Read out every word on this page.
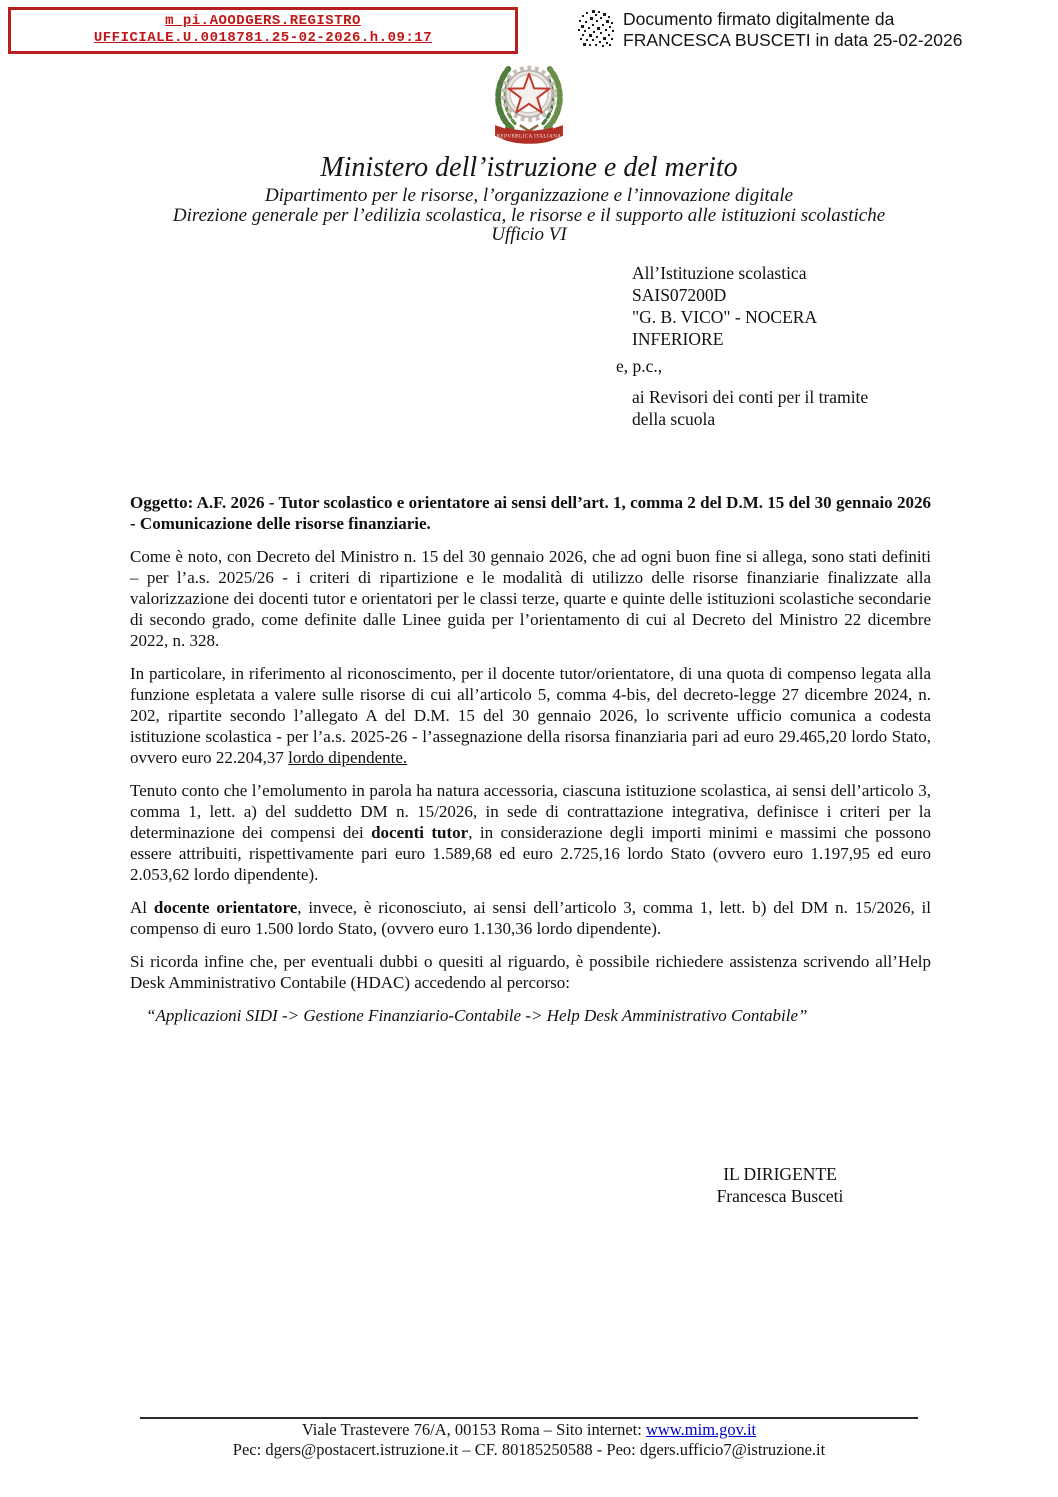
m_pi.AOODGERS.REGISTRO
UFFICIALE.U.0018781.25-02-2026.h.09:17
Documento firmato digitalmente da
FRANCESCA BUSCETI in data 25-02-2026
REPVBBLICA ITALIANA
Ministero dell’istruzione e del merito
Dipartimento per le risorse, l’organizzazione e l’innovazione digitale
Direzione generale per l’edilizia scolastica, le risorse e il supporto alle istituzioni scolastiche
Ufficio VI
All’Istituzione scolastica
SAIS07200D
"G. B. VICO" - NOCERA
INFERIORE
e, p.c.,
ai Revisori dei conti per il tramite
della scuola

Oggetto: A.F. 2026 - Tutor scolastico e orientatore ai sensi dell’art. 1, comma 2 del D.M. 15 del 30 gennaio 2026 - Comunicazione delle risorse finanziarie.

Come è noto, con Decreto del Ministro n. 15 del 30 gennaio 2026, che ad ogni buon fine si allega, sono stati definiti – per l’a.s. 2025/26 - i criteri di ripartizione e le modalità di utilizzo delle risorse finanziarie finalizzate alla valorizzazione dei docenti tutor e orientatori per le classi terze, quarte e quinte delle istituzioni scolastiche secondarie di secondo grado, come definite dalle Linee guida per l’orientamento di cui al Decreto del Ministro 22 dicembre 2022, n. 328.

In particolare, in riferimento al riconoscimento, per il docente tutor/orientatore, di una quota di compenso legata alla funzione espletata a valere sulle risorse di cui all’articolo 5, comma 4-bis, del decreto-legge 27 dicembre 2024, n. 202, ripartite secondo l’allegato A del D.M. 15 del 30 gennaio 2026, lo scrivente ufficio comunica a codesta istituzione scolastica - per l’a.s. 2025-26 - l’assegnazione della risorsa finanziaria pari ad euro 29.465,20 lordo Stato, ovvero euro 22.204,37 lordo dipendente.

Tenuto conto che l’emolumento in parola ha natura accessoria, ciascuna istituzione scolastica, ai sensi dell’articolo 3, comma 1, lett. a) del suddetto DM n. 15/2026, in sede di contrattazione integrativa, definisce i criteri per la determinazione dei compensi dei docenti tutor, in considerazione degli importi minimi e massimi che possono essere attribuiti, rispettivamente pari euro 1.589,68 ed euro 2.725,16 lordo Stato (ovvero euro 1.197,95 ed euro 2.053,62 lordo dipendente).

Al docente orientatore, invece, è riconosciuto, ai sensi dell’articolo 3, comma 1, lett. b) del DM n. 15/2026, il compenso di euro 1.500 lordo Stato, (ovvero euro 1.130,36 lordo dipendente).

Si ricorda infine che, per eventuali dubbi o quesiti al riguardo, è possibile richiedere assistenza scrivendo all’Help Desk Amministrativo Contabile (HDAC) accedendo al percorso:

“Applicazioni SIDI -> Gestione Finanziario-Contabile -> Help Desk Amministrativo Contabile”

IL DIRIGENTE
Francesca Busceti
Viale Trastevere 76/A, 00153 Roma – Sito internet: www.mim.gov.it
Pec: dgers@postacert.istruzione.it – CF. 80185250588 - Peo: dgers.ufficio7@istruzione.it
